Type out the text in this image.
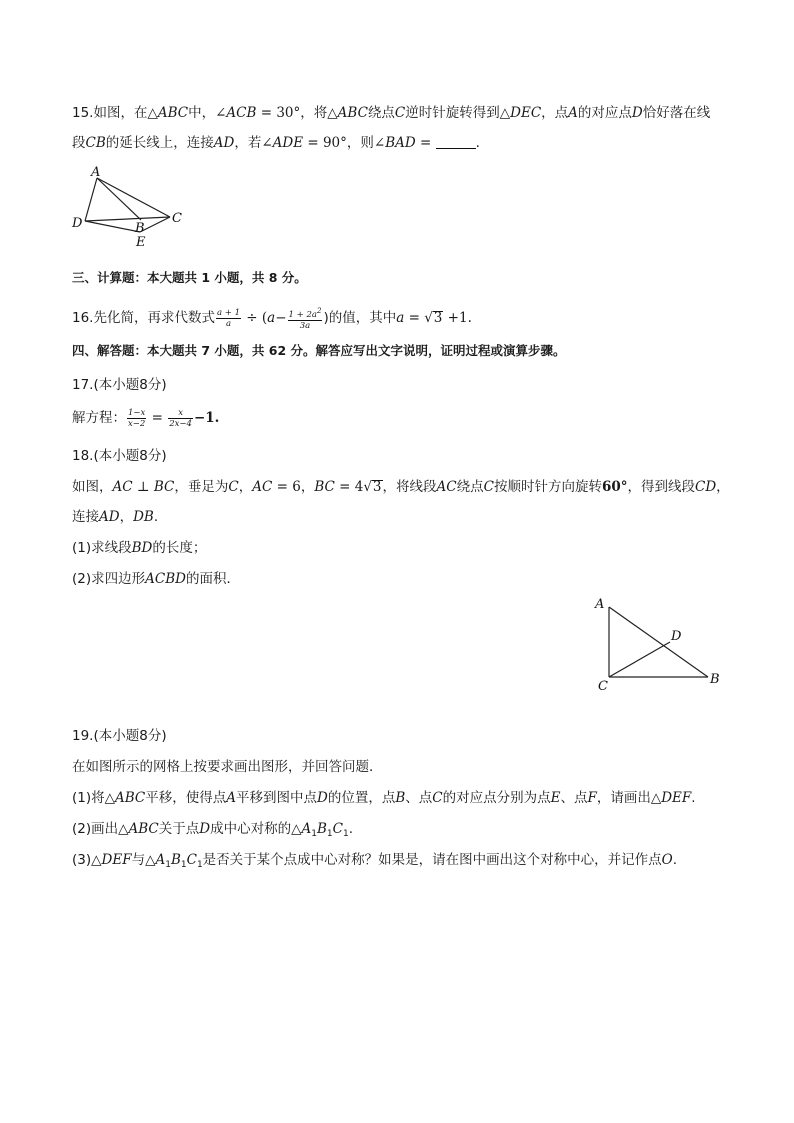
15.如图，在△ABC中，∠ACB = 30°，将△ABC绕点C逆时针旋转得到△DEC，点A的对应点D恰好落在线
段CB的延长线上，连接AD，若∠ADE = 90°，则∠BAD =	.
A
D	B
C
E
三、计算题：本大题共 1 小题，共 8 分。
16.先化简，再求代数式 $\frac{a + 1}{a} \div (a- \frac{1 + 2a^2}{3a}$ )的值，其中a = √3 +1.
四、解答题：本大题共 7 小题，共 62 分。解答应写出文字说明，证明过程或演算步骤。
17.(本小题8分)
解方程： $\frac{1-x}{x-2} = \frac{x}{2x-4} -1$.
18.(本小题8分)
如图，AC ⊥ BC，垂足为C，AC = 6，BC = 4√3，将线段AC绕点C按顺时针方向旋转60°，得到线段CD，
连接AD，DB.
(1)求线段BD的长度；
(2)求四边形ACBD的面积．
A
D
C	B
19.(本小题8分)
在如图所示的网格上按要求画出图形，并回答问题．
(1)将△ABC平移，使得点A平移到图中点D的位置，点B、点C的对应点分别为点E、点F，请画出△DEF.
(2)画出△ABC关于点D成中心对称的$\triangle A_1B_1C_1$.
(3)△DEF与$\triangle A_1B_1C_1$是否关于某个点成中心对称？如果是，请在图中画出这个对称中心，并记作点O.
